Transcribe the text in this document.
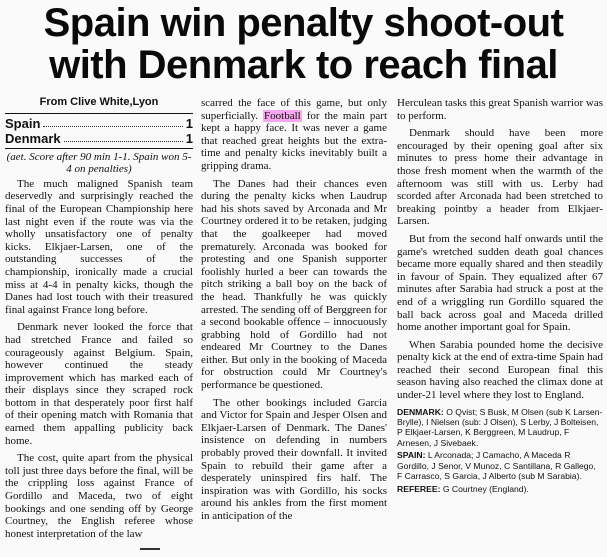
Spain win penalty shoot-out
with Denmark to reach final
From Clive White,Lyon
Spain	1
Denmark	1
(aet. Score after 90 min 1-1. Spain won 5-4 on penalties)

The much maligned Spanish team deservedly and surprisingly reached the final of the European Championship here last night even if the route was via the wholly unsatisfactory one of penalty kicks. Elkjaer-Larsen, one of the outstanding successes of the championship, ironically made a crucial miss at 4-4 in penalty kicks, though the Danes had lost touch with their treasured final against France long before.

Denmark never looked the force that had stretched France and failed so courageously against Belgium. Spain, however continued the steady improvement which has marked each of their displays since they scraped rock bottom in that desperately poor first half of their opening match with Romania that earned them appalling publicity back home.

The cost, quite apart from the physical toll just three days before the final, will be the crippling loss against France of Gordillo and Maceda, two of eight bookings and one sending off by George Courtney, the English referee whose honest interpretation of the law

scarred the face of this game, but only superficially. Football for the main part kept a happy face. It was never a game that reached great heights but the extra-time and penalty kicks inevitably built a gripping drama.

The Danes had their chances even during the penalty kicks when Laudrup had his shots saved by Arconada and Mr Courtney ordered it to be retaken, judging that the goalkeeper had moved prematurely. Arconada was booked for protesting and one Spanish supporter foolishly hurled a beer can towards the pitch striking a ball boy on the back of the head. Thankfully he was quickly arrested. The sending off of Berggreen for a second bookable offence – innocuously grabbing hold of Gordillo had not endeared Mr Courtney to the Danes either. But only in the booking of Maceda for obstruction could Mr Courtney's performance be questioned.

The other bookings included Garcia and Victor for Spain and Jesper Olsen and Elkjaer-Larsen of Denmark. The Danes' insistence on defending in numbers probably proved their downfall. It invited Spain to rebuild their game after a desperately uninspired firs half. The inspiration was with Gordillo, his socks around his ankles from the first moment in anticipation of the

Herculean tasks this great Spanish warrior was to perform.

Denmark should have been more encouraged by their opening goal after six minutes to press home their advantage in those fresh moment when the warmth of the afternoom was still with us. Lerby had scorded after Arconada had been stretched to breaking pointby a header from Elkjaer-Larsen.

But from the second half onwards until the game's wretched sudden death goal chances became more equally shared and then steadily in favour of Spain. They equalized after 67 minutes after Sarabia had struck a post at the end of a wriggling run Gordillo squared the ball back across goal and Maceda drilled home another important goal for Spain.

When Sarabia pounded home the decisive penalty kick at the end of extra-time Spain had reached their second European final this season having also reached the climax done at under-21 level where they lost to England.

DENMARK: O Qvist; S Busk, M Olsen (sub K Larsen-Brylle), I Nielsen (sub: J Olsen), S Lerby, J Bolteisen, P Elkjaer-Larsen, K Berggreen, M Laudrup, F Arnesen, J Sivebaek.
SPAIN: L Arconada; J Camacho, A Maceda R Gordillo, J Senor, V Munoz, C Santillana, R Gallego, F Carrasco, S Garcia, J Alberto (sub M Sarabia).
REFEREE: G Courtney (England).
